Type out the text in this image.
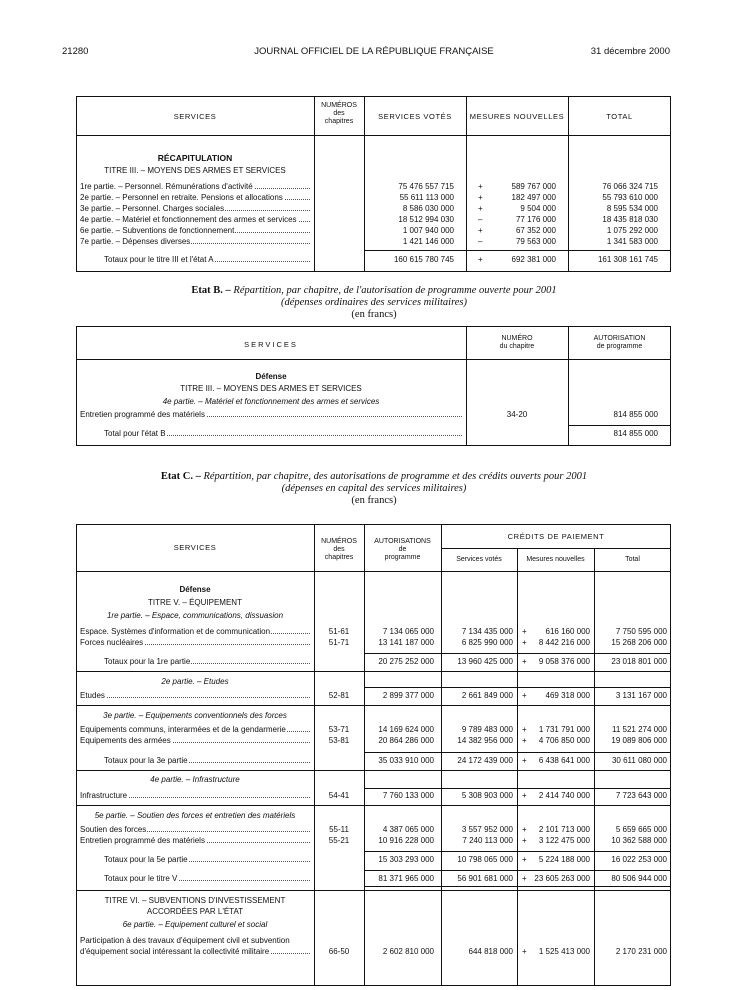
21280	JOURNAL OFFICIEL DE LA RÉPUBLIQUE FRANÇAISE	31 décembre 2000
SERVICES
NUMÉROS
des
chapitres
SERVICES VOTÉS	MESURES NOUVELLES	TOTAL
RÉCAPITULATION
TITRE III. – MOYENS DES ARMES ET SERVICES
1re partie. – Personnel. Rémunérations d'activité	75 476 557 715	+	589 767 000	76 066 324 715
2e partie. – Personnel en retraite. Pensions et allocations	55 611 113 000	+	182 497 000	55 793 610 000
3e partie. – Personnel. Charges sociales	8 586 030 000	+	9 504 000	8 595 534 000
4e partie. – Matériel et fonctionnement des armes et services	18 512 994 030	–	77 176 000	18 435 818 030
6e partie. – Subventions de fonctionnement	1 007 940 000	+	67 352 000	1 075 292 000
7e partie. – Dépenses diverses	1 421 146 000	–	79 563 000	1 341 583 000
Totaux pour le titre III et l'état A	160 615 780 745	+	692 381 000	161 308 161 745
Etat B. – Répartition, par chapitre, de l'autorisation de programme ouverte pour 2001
(dépenses ordinaires des services militaires)
(en francs)
SERVICES
NUMÉRO
du chapitre
AUTORISATION
de programme
Défense
TITRE III. – MOYENS DES ARMES ET SERVICES
4e partie. – Matériel et fonctionnement des armes et services
Entretien programmé des matériels	34-20	814 855 000
Total pour l'état B	814 855 000
Etat C. – Répartition, par chapitre, des autorisations de programme et des crédits ouverts pour 2001
(dépenses en capital des services militaires)
(en francs)
SERVICES
NUMÉROS
des
chapitres
AUTORISATIONS
de
programme
CRÉDITS DE PAIEMENT
Services votés	Mesures nouvelles	Total
Défense
TITRE V. – ÉQUIPEMENT
1re partie. – Espace, communications, dissuasion
Espace. Systèmes d'information et de communication	51-61	7 134 065 000	7 134 435 000 +	616 160 000	7 750 595 000
Forces nucléaires	51-71	13 141 187 000	6 825 990 000 +	8 442 216 000	15 268 206 000
Totaux pour la 1re partie	20 275 252 000	13 960 425 000 +	9 058 376 000	23 018 801 000
2e partie. – Etudes
Etudes	52-81	2 899 377 000	2 661 849 000 +	469 318 000	3 131 167 000
3e partie. – Equipements conventionnels des forces
Equipements communs, interarmées et de la gendarmerie	53-71	14 169 624 000	9 789 483 000 +	1 731 791 000	11 521 274 000
Equipements des armées	53-81	20 864 286 000	14 382 956 000 +	4 706 850 000	19 089 806 000
Totaux pour la 3e partie	35 033 910 000	24 172 439 000 +	6 438 641 000	30 611 080 000
4e partie. – Infrastructure
Infrastructure	54-41	7 760 133 000	5 308 903 000 +	2 414 740 000	7 723 643 000
5e partie. – Soutien des forces et entretien des matériels
Soutien des forces	55-11	4 387 065 000	3 557 952 000 +	2 101 713 000	5 659 665 000
Entretien programmé des matériels	55-21	10 916 228 000	7 240 113 000 +	3 122 475 000	10 362 588 000
Totaux pour la 5e partie	15 303 293 000	10 798 065 000 +	5 224 188 000	16 022 253 000
Totaux pour le titre V	81 371 965 000	56 901 681 000 + 23 605 263 000	80 506 944 000
TITRE VI. – SUBVENTIONS D'INVESTISSEMENT
ACCORDÉES PAR L'ÉTAT
6e partie. – Equipement culturel et social
Participation à des travaux d'équipement civil et subvention
d'équipement social intéressant la collectivité militaire	66-50	2 602 810 000	644 818 000 +	1 525 413 000	2 170 231 000
